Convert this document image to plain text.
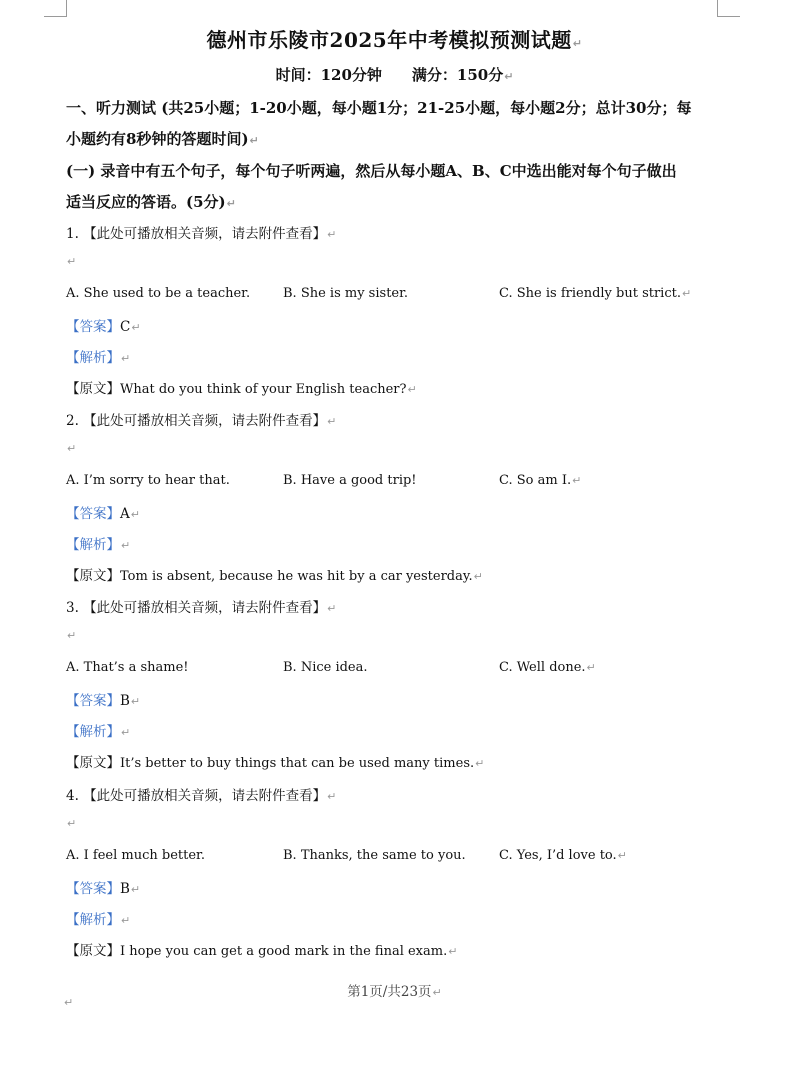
德州市乐陵市2025年中考模拟预测试题↵
时间：120分钟 满分：150分↵
一、听力测试 (共25小题；1-20小题，每小题1分；21-25小题，每小题2分；总计30分；每
小题约有8秒钟的答题时间)↵
(一) 录音中有五个句子，每个句子听两遍，然后从每小题A、B、C中选出能对每个句子做出
适当反应的答语。(5分)↵
1. 【此处可播放相关音频，请去附件查看】↵
↵
A. She used to be a teacher.	B. She is my sister.	C. She is friendly but strict.↵
【答案】C↵
【解析】↵
【原文】What do you think of your English teacher?↵
2. 【此处可播放相关音频，请去附件查看】↵
↵
A. I’m sorry to hear that.	B. Have a good trip!	C. So am I.↵
【答案】A↵
【解析】↵
【原文】Tom is absent, because he was hit by a car yesterday.↵
3. 【此处可播放相关音频，请去附件查看】↵
↵
A. That’s a shame!	B. Nice idea.	C. Well done.↵
【答案】B↵
【解析】↵
【原文】It’s better to buy things that can be used many times.↵
4. 【此处可播放相关音频，请去附件查看】↵
↵
A. I feel much better.	B. Thanks, the same to you.	C. Yes, I’d love to.↵
【答案】B↵
【解析】↵
【原文】I hope you can get a good mark in the final exam.↵
第1页/共23页↵
↵
